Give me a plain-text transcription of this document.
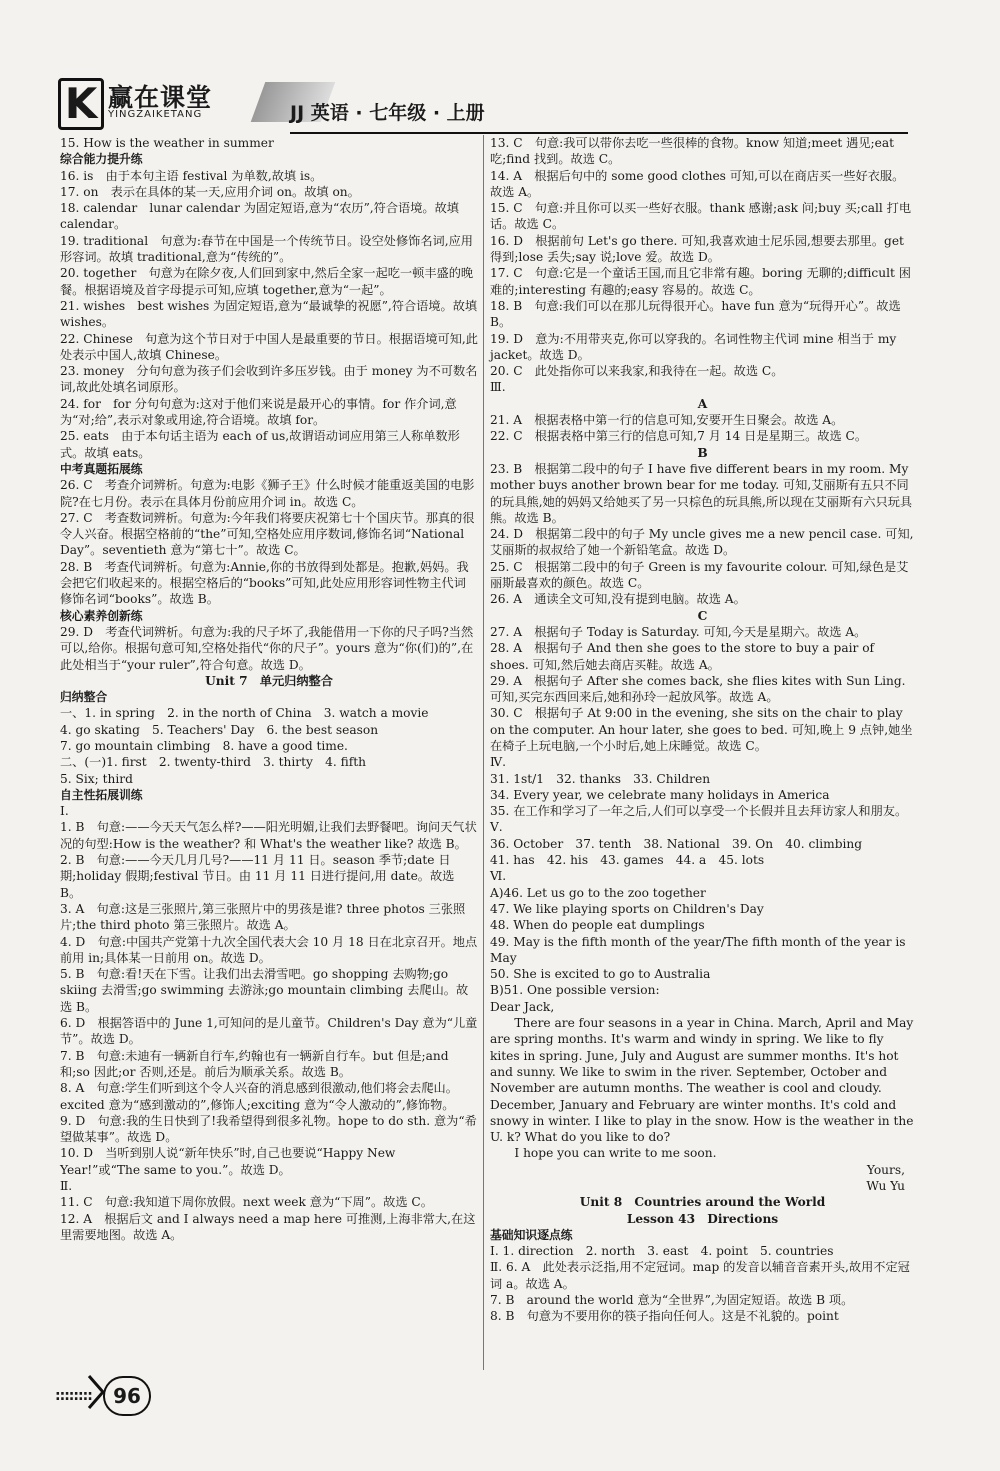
K 赢在课堂
YINGZAIKETANG	JJ 英语 · 七年级 · 上册

15. How is the weather in summer

综合能力提升练

16. is　由于本句主语 festival 为单数,故填 is。

17. on　表示在具体的某一天,应用介词 on。故填 on。

18. calendar　lunar calendar 为固定短语,意为“农历”,符合语境。故填 calendar。

19. traditional　句意为:春节在中国是一个传统节日。设空处修饰名词,应用形容词。故填 traditional,意为“传统的”。

20. together　句意为在除夕夜,人们回到家中,然后全家一起吃一顿丰盛的晚餐。根据语境及首字母提示可知,应填 together,意为“一起”。

21. wishes　best wishes 为固定短语,意为“最诚挚的祝愿”,符合语境。故填 wishes。

22. Chinese　句意为这个节日对于中国人是最重要的节日。根据语境可知,此处表示中国人,故填 Chinese。

23. money　分句句意为孩子们会收到许多压岁钱。由于 money 为不可数名词,故此处填名词原形。

24. for　for 分句句意为:这对于他们来说是最开心的事情。for 作介词,意为“对;给”,表示对象或用途,符合语境。故填 for。

25. eats　由于本句话主语为 each of us,故谓语动词应用第三人称单数形式。故填 eats。

中考真题拓展练

26. C　考查介词辨析。句意为:电影《狮子王》什么时候才能重返美国的电影院?在七月份。表示在具体月份前应用介词 in。故选 C。

27. C　考查数词辨析。句意为:今年我们将要庆祝第七十个国庆节。那真的很令人兴奋。根据空格前的“the”可知,空格处应用序数词,修饰名词“National Day”。seventieth 意为“第七十”。故选 C。

28. B　考查代词辨析。句意为:Annie,你的书放得到处都是。抱歉,妈妈。我会把它们收起来的。根据空格后的“books”可知,此处应用形容词性物主代词修饰名词“books”。故选 B。

核心素养创新练

29. D　考查代词辨析。句意为:我的尺子坏了,我能借用一下你的尺子吗?当然可以,给你。根据句意可知,空格处指代“你的尺子”。yours 意为“你(们)的”,在此处相当于“your ruler”,符合句意。故选 D。

Unit 7　单元归纳整合

归纳整合

一、1. in spring　2. in the north of China　3. watch a movie

4. go skating　5. Teachers' Day　6. the best season

7. go mountain climbing　8. have a good time.

二、(一)1. first　2. twenty-third　3. thirty　4. fifth

5. Six; third

自主性拓展训练

Ⅰ.

1. B　句意:——今天天气怎么样?——阳光明媚,让我们去野餐吧。询问天气状况的句型:How is the weather? 和 What's the weather like? 故选 B。

2. B　句意:——今天几月几号?——11 月 11 日。season 季节;date 日期;holiday 假期;festival 节日。由 11 月 11 日进行提问,用 date。故选 B。

3. A　句意:这是三张照片,第三张照片中的男孩是谁? three photos 三张照片;the third photo 第三张照片。故选 A。

4. D　句意:中国共产党第十九次全国代表大会 10 月 18 日在北京召开。地点前用 in;具体某一日前用 on。故选 D。

5. B　句意:看!天在下雪。让我们出去滑雪吧。go shopping 去购物;go skiing 去滑雪;go swimming 去游泳;go mountain climbing 去爬山。故选 B。

6. D　根据答语中的 June 1,可知问的是儿童节。Children's Day 意为“儿童节”。故选 D。

7. B　句意:未迪有一辆新自行车,约翰也有一辆新自行车。but 但是;and 和;so 因此;or 否则,还是。前后为顺承关系。故选 B。

8. A　句意:学生们听到这个令人兴奋的消息感到很激动,他们将会去爬山。excited 意为“感到激动的”,修饰人;exciting 意为“令人激动的”,修饰物。

9. D　句意:我的生日快到了!我希望得到很多礼物。hope to do sth. 意为“希望做某事”。故选 D。

10. D　当听到别人说“新年快乐”时,自己也要说“Happy New Year!”或“The same to you.”。故选 D。

Ⅱ.

11. C　句意:我知道下周你放假。next week 意为“下周”。故选 C。

12. A　根据后文 and I always need a map here 可推测,上海非常大,在这里需要地图。故选 A。

13. C　句意:我可以带你去吃一些很棒的食物。know 知道;meet 遇见;eat 吃;find 找到。故选 C。

14. A　根据后句中的 some good clothes 可知,可以在商店买一些好衣服。故选 A。

15. C　句意:并且你可以买一些好衣服。thank 感谢;ask 问;buy 买;call 打电话。故选 C。

16. D　根据前句 Let's go there. 可知,我喜欢迪士尼乐园,想要去那里。get 得到;lose 丢失;say 说;love 爱。故选 D。

17. C　句意:它是一个童话王国,而且它非常有趣。boring 无聊的;difficult 困难的;interesting 有趣的;easy 容易的。故选 C。

18. B　句意:我们可以在那儿玩得很开心。have fun 意为“玩得开心”。故选 B。

19. D　意为:不用带夹克,你可以穿我的。名词性物主代词 mine 相当于 my jacket。故选 D。

20. C　此处指你可以来我家,和我待在一起。故选 C。

Ⅲ.

A

21. A　根据表格中第一行的信息可知,安要开生日聚会。故选 A。

22. C　根据表格中第三行的信息可知,7 月 14 日是星期三。故选 C。

B

23. B　根据第二段中的句子 I have five different bears in my room. My mother buys another brown bear for me today. 可知,艾丽斯有五只不同的玩具熊,她的妈妈又给她买了另一只棕色的玩具熊,所以现在艾丽斯有六只玩具熊。故选 B。

24. D　根据第二段中的句子 My uncle gives me a new pencil case. 可知,艾丽斯的叔叔给了她一个新铅笔盒。故选 D。

25. C　根据第二段中的句子 Green is my favourite colour. 可知,绿色是艾丽斯最喜欢的颜色。故选 C。

26. A　通读全文可知,没有提到电脑。故选 A。

C

27. A　根据句子 Today is Saturday. 可知,今天是星期六。故选 A。

28. A　根据句子 And then she goes to the store to buy a pair of shoes. 可知,然后她去商店买鞋。故选 A。

29. A　根据句子 After she comes back, she flies kites with Sun Ling. 可知,买完东西回来后,她和孙玲一起放风筝。故选 A。

30. C　根据句子 At 9:00 in the evening, she sits on the chair to play on the computer. An hour later, she goes to bed. 可知,晚上 9 点钟,她坐在椅子上玩电脑,一个小时后,她上床睡觉。故选 C。

Ⅳ.

31. 1st/1　32. thanks　33. Children

34. Every year, we celebrate many holidays in America

35. 在工作和学习了一年之后,人们可以享受一个长假并且去拜访家人和朋友。

Ⅴ.

36. October　37. tenth　38. National　39. On　40. climbing

41. has　42. his　43. games　44. a　45. lots

Ⅵ.

A)46. Let us go to the zoo together

47. We like playing sports on Children's Day

48. When do people eat dumplings

49. May is the fifth month of the year/The fifth month of the year is May

50. She is excited to go to Australia

B)51. One possible version:

Dear Jack,

There are four seasons in a year in China. March, April and May are spring months. It's warm and windy in spring. We like to fly kites in spring. June, July and August are summer months. It's hot and sunny. We like to swim in the river. September, October and November are autumn months. The weather is cool and cloudy. December, January and February are winter months. It's cold and snowy in winter. I like to play in the snow. How is the weather in the U. k? What do you like to do?

I hope you can write to me soon.

Yours,

Wu Yu

Unit 8　Countries around the World

Lesson 43　Directions

基础知识逐点练

Ⅰ. 1. direction　2. north　3. east　4. point　5. countries

Ⅱ. 6. A　此处表示泛指,用不定冠词。map 的发音以辅音音素开头,故用不定冠词 a。故选 A。

7. B　around the world 意为“全世界”,为固定短语。故选 B 项。

8. B　句意为不要用你的筷子指向任何人。这是不礼貌的。point

::::::::	96
